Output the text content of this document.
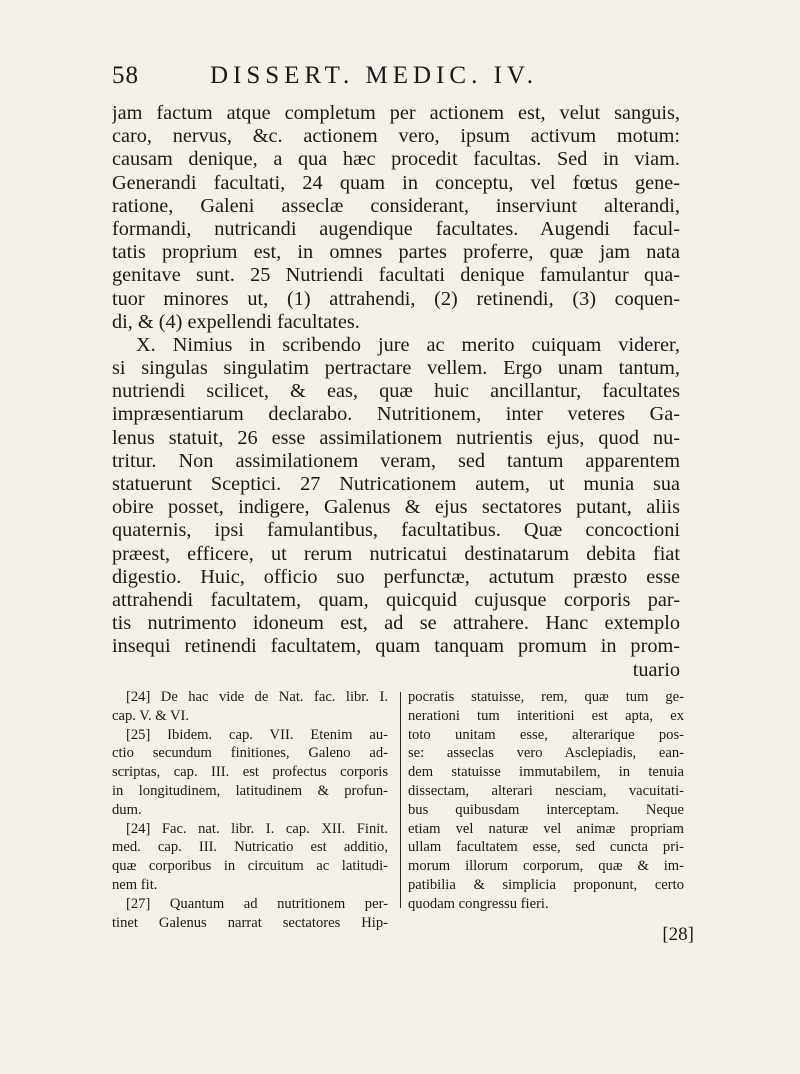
58	DISSERT. MEDIC. IV.
jam factum atque completum per actionem est, velut sanguis,
caro, nervus, &c. actionem vero, ipsum activum motum:
causam denique, a qua hæc procedit facultas. Sed in viam.
Generandi facultati, 24 quam in conceptu, vel fœtus gene-
ratione, Galeni asseclæ considerant, inserviunt alterandi,
formandi, nutricandi augendique facultates. Augendi facul-
tatis proprium est, in omnes partes proferre, quæ jam nata
genitave sunt. 25 Nutriendi facultati denique famulantur qua-
tuor minores ut, (1) attrahendi, (2) retinendi, (3) coquen-
di, & (4) expellendi facultates.
X. Nimius in scribendo jure ac merito cuiquam viderer,
si singulas singulatim pertractare vellem. Ergo unam tantum,
nutriendi scilicet, & eas, quæ huic ancillantur, facultates
impræsentiarum declarabo. Nutritionem, inter veteres Ga-
lenus statuit, 26 esse assimilationem nutrientis ejus, quod nu-
tritur. Non assimilationem veram, sed tantum apparentem
statuerunt Sceptici. 27 Nutricationem autem, ut munia sua
obire posset, indigere, Galenus & ejus sectatores putant, aliis
quaternis, ipsi famulantibus, facultatibus. Quæ concoctioni
præest, efficere, ut rerum nutricatui destinatarum debita fiat
digestio. Huic, officio suo perfunctæ, actutum præsto esse
attrahendi facultatem, quam, quicquid cujusque corporis par-
tis nutrimento idoneum est, ad se attrahere. Hanc extemplo
insequi retinendi facultatem, quam tanquam promum in prom-
tuario
[24] De hac vide de Nat. fac. libr. I.
cap. V. & VI.
[25] Ibidem. cap. VII. Etenim au-
ctio secundum finitiones, Galeno ad-
scriptas, cap. III. est profectus corporis
in longitudinem, latitudinem & profun-
dum.
[24] Fac. nat. libr. I. cap. XII. Finit.
med. cap. III. Nutricatio est additio,
quæ corporibus in circuitum ac latitudi-
nem fit.
[27] Quantum ad nutritionem per-
tinet Galenus narrat sectatores Hip-
pocratis statuisse, rem, quæ tum ge-
nerationi tum interitioni est apta, ex
toto unitam esse, alterarique pos-
se: asseclas vero Asclepiadis, ean-
dem statuisse immutabilem, in tenuia
dissectam, alterari nesciam, vacuitati-
bus quibusdam interceptam. Neque
etiam vel naturæ vel animæ propriam
ullam facultatem esse, sed cuncta pri-
morum illorum corporum, quæ & im-
patibilia & simplicia proponunt, certo
quodam congressu fieri.
[28]
